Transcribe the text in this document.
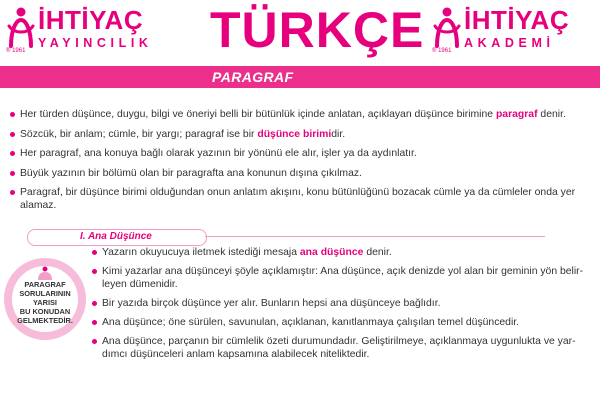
® 1961
İHTİYAÇ
YAYINCILIK TÜRKÇE ® 1961
İHTİYAÇ
AKADEMİ
PARAGRAF
Her türden düşünce, duygu, bilgi ve öneriyi belli bir bütünlük içinde anlatan, açıklayan düşünce birimine paragraf denir.
Sözcük, bir anlam; cümle, bir yargı; paragraf ise bir düşünce birimidir.
Her paragraf, ana konuya bağlı olarak yazının bir yönünü ele alır, işler ya da aydınlatır.
Büyük yazının bir bölümü olan bir paragrafta ana konunun dışına çıkılmaz.
Paragraf, bir düşünce birimi olduğundan onun anlatım akışını, konu bütünlüğünü bozacak cümle ya da cümleler onda yer alamaz.
I. Ana Düşünce
PARAGRAF
SORULARININ
YARISI
BU KONUDAN
GELMEKTEDİR.
Yazarın okuyucuya iletmek istediği mesaja ana düşünce denir.
Kimi yazarlar ana düşünceyi şöyle açıklamıştır: Ana düşünce, açık denizde yol alan bir geminin yön belir- leyen dümenidir.
Bir yazıda birçok düşünce yer alır. Bunların hepsi ana düşünceye bağlıdır.
Ana düşünce; öne sürülen, savunulan, açıklanan, kanıtlanmaya çalışılan temel düşüncedir.
Ana düşünce, parçanın bir cümlelik özeti durumundadır. Geliştirilmeye, açıklanmaya uygunlukta ve yar- dımcı düşünceleri anlam kapsamına alabilecek niteliktedir.
